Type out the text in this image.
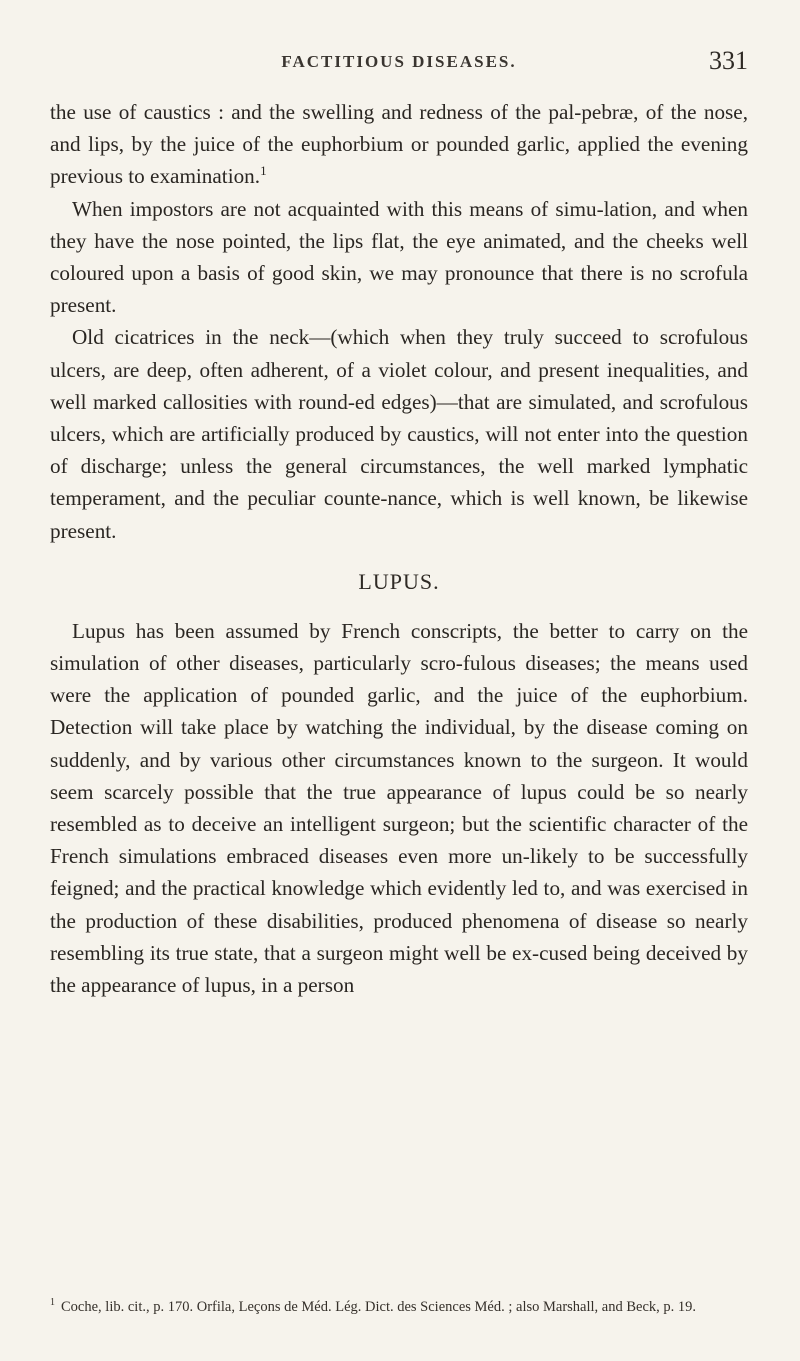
FACTITIOUS DISEASES.	331

the use of caustics : and the swelling and redness of the pal-pebræ, of the nose, and lips, by the juice of the euphorbium or pounded garlic, applied the evening previous to examination.$^1$

When impostors are not acquainted with this means of simu-lation, and when they have the nose pointed, the lips flat, the eye animated, and the cheeks well coloured upon a basis of good skin, we may pronounce that there is no scrofula present.

Old cicatrices in the neck—(which when they truly succeed to scrofulous ulcers, are deep, often adherent, of a violet colour, and present inequalities, and well marked callosities with round-ed edges)—that are simulated, and scrofulous ulcers, which are artificially produced by caustics, will not enter into the question of discharge; unless the general circumstances, the well marked lymphatic temperament, and the peculiar counte-nance, which is well known, be likewise present.

LUPUS.

Lupus has been assumed by French conscripts, the better to carry on the simulation of other diseases, particularly scro-fulous diseases; the means used were the application of pounded garlic, and the juice of the euphorbium. Detection will take place by watching the individual, by the disease coming on suddenly, and by various other circumstances known to the surgeon. It would seem scarcely possible that the true appearance of lupus could be so nearly resembled as to deceive an intelligent surgeon; but the scientific character of the French simulations embraced diseases even more un-likely to be successfully feigned; and the practical knowledge which evidently led to, and was exercised in the production of these disabilities, produced phenomena of disease so nearly resembling its true state, that a surgeon might well be ex-cused being deceived by the appearance of lupus, in a person

$^1$ Coche, lib. cit., p. 170. Orfila, Leçons de Méd. Lég. Dict. des Sciences Méd. ; also Marshall, and Beck, p. 19.
